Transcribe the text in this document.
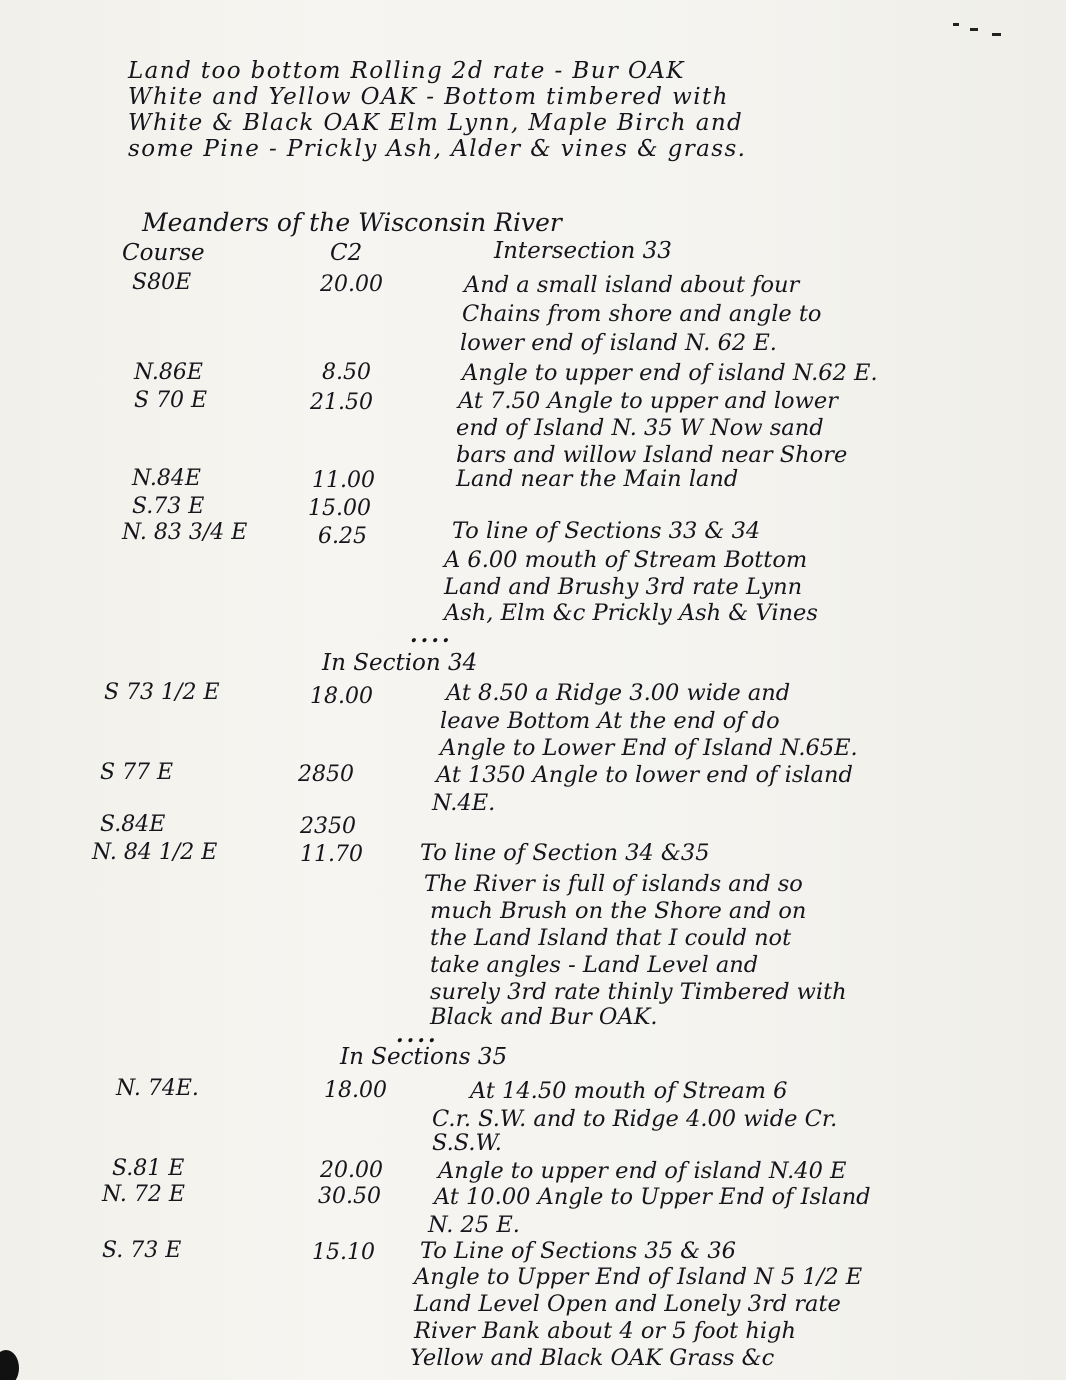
Land too bottom Rolling 2d rate - Bur OAK
White and Yellow OAK - Bottom timbered with
White & Black OAK Elm Lynn, Maple Birch and
some Pine - Prickly Ash, Alder & vines & grass.
Meanders of the Wisconsin River
Course	C2	Intersection 33
S80E	20.00	And a small island about four
Chains from shore and angle to
lower end of island N. 62 E.
N.86E	8.50	Angle to upper end of island N.62 E.
S 70 E	21.50	At 7.50 Angle to upper and lower
end of Island N. 35 W Now sand
bars and willow Island near Shore
N.84E	11.00	Land near the Main land
S.73 E	15.00
N. 83 3/4 E	6.25	To line of Sections 33 & 34
A 6.00 mouth of Stream Bottom
Land and Brushy 3rd rate Lynn
Ash, Elm &c Prickly Ash & Vines
....
In Section 34
S 73 1/2 E	18.00	At 8.50 a Ridge 3.00 wide and
leave Bottom At the end of do
Angle to Lower End of Island N.65E.
S 77 E	2850	At 1350 Angle to lower end of island
N.4E.
S.84E	2350
N. 84 1/2 E	11.70	To line of Section 34 &35
The River is full of islands and so
much Brush on the Shore and on
the Land Island that I could not
take angles - Land Level and
surely 3rd rate thinly Timbered with
Black and Bur OAK.
....
In Sections 35
N. 74E.	18.00	At 14.50 mouth of Stream 6
C.r. S.W. and to Ridge 4.00 wide Cr.
S.S.W.
S.81 E	20.00 Angle to upper end of island N.40 E
N. 72 E	30.50 At 10.00 Angle to Upper End of Island
N. 25 E.
S. 73 E	15.10 To Line of Sections 35 & 36
Angle to Upper End of Island N 5 1/2 E
Land Level Open and Lonely 3rd rate
River Bank about 4 or 5 foot high
Yellow and Black OAK Grass &c
